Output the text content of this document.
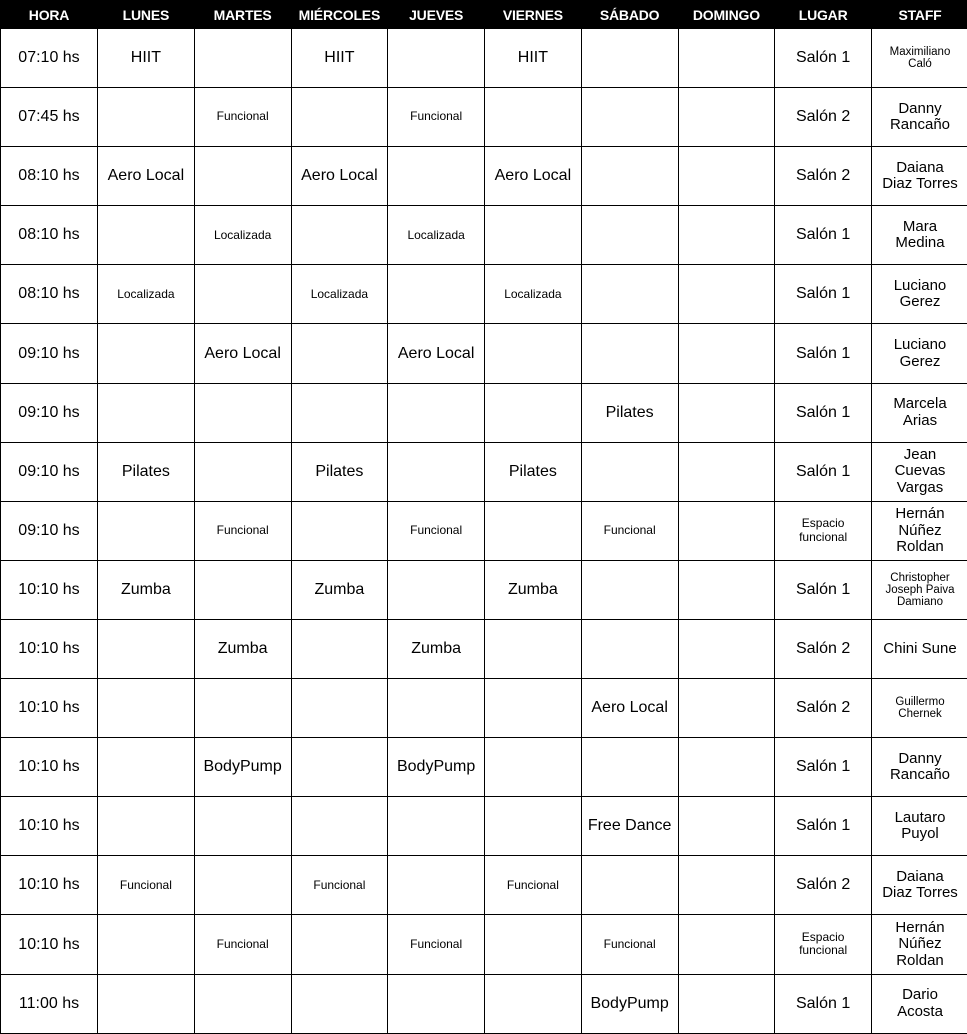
HORA	LUNES	MARTES	MIÉRCOLES	JUEVES	VIERNES	SÁBADO	DOMINGO	LUGAR	STAFF
07:10 hs	HIIT		HIIT		HIIT			Salón 1	Maximiliano
Caló

07:45 hs		Funcional		Funcional				Salón 2	Danny
Rancaño

08:10 hs	Aero Local		Aero Local		Aero Local			Salón 2	Daiana
Diaz Torres

08:10 hs		Localizada		Localizada				Salón 1	Mara
Medina

08:10 hs	Localizada		Localizada		Localizada			Salón 1	Luciano
Gerez

09:10 hs		Aero Local		Aero Local				Salón 1	Luciano
Gerez

09:10 hs						Pilates		Salón 1	Marcela
Arias

09:10 hs	Pilates		Pilates		Pilates			Salón 1	Jean
Cuevas
Vargas

09:10 hs		Funcional		Funcional		Funcional		Espacio
funcional	Hernán
Núñez
Roldan

10:10 hs	Zumba		Zumba		Zumba			Salón 1	Christopher
Joseph Paiva
Damiano

10:10 hs		Zumba		Zumba				Salón 2	Chini Sune

10:10 hs						Aero Local		Salón 2	Guillermo
Chernek

10:10 hs		BodyPump		BodyPump				Salón 1	Danny
Rancaño

10:10 hs						Free Dance		Salón 1	Lautaro
Puyol

10:10 hs	Funcional		Funcional		Funcional			Salón 2	Daiana
Diaz Torres

10:10 hs		Funcional		Funcional		Funcional		Espacio
funcional	Hernán
Núñez
Roldan

11:00 hs						BodyPump		Salón 1	Dario
Acosta
